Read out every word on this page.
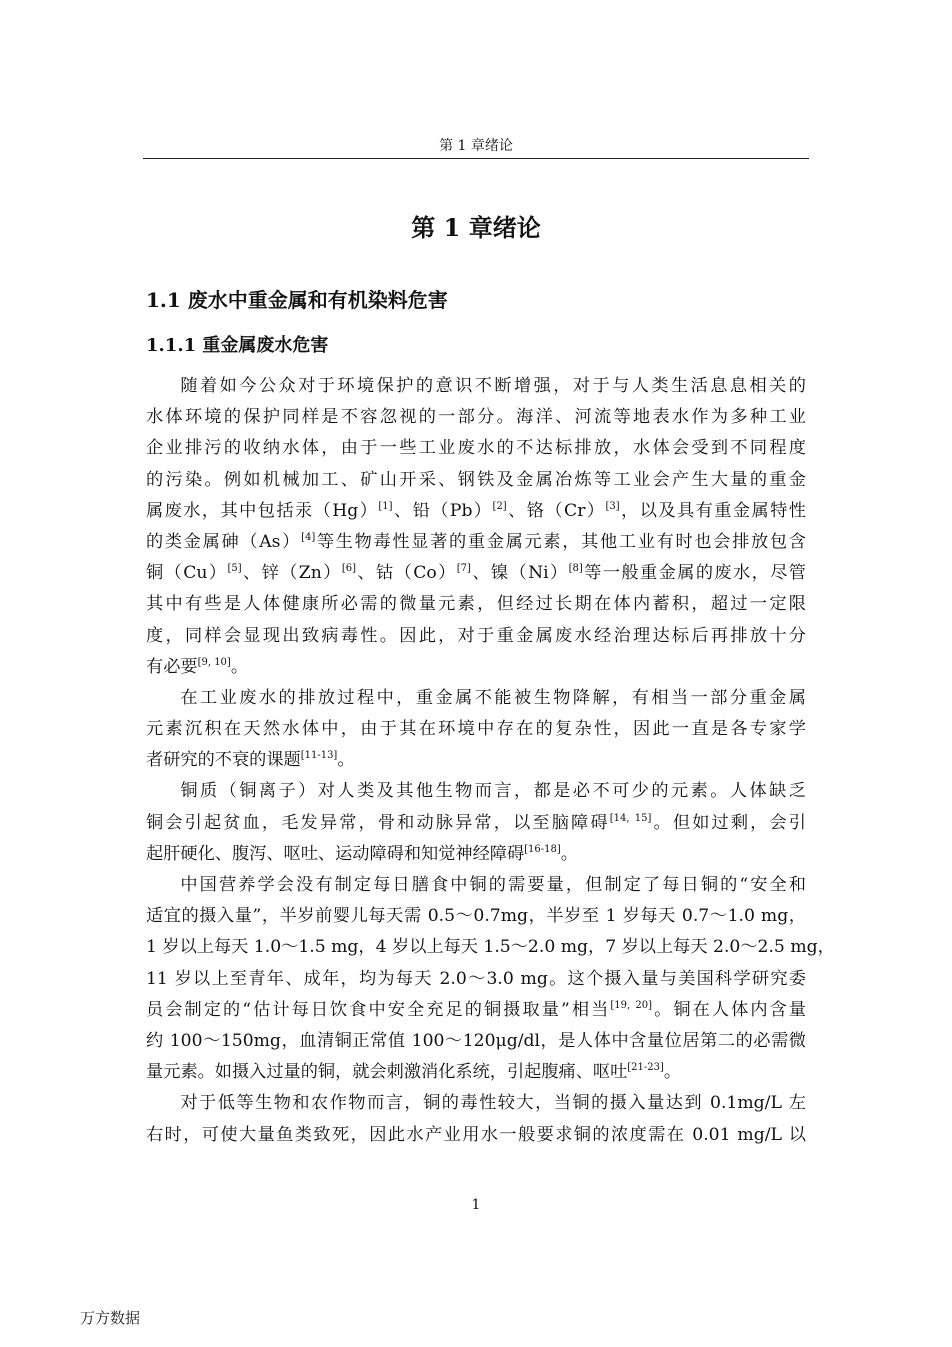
第 1 章绪论
第 1 章绪论
1.1 废水中重金属和有机染料危害
1.1.1 重金属废水危害
随着如今公众对于环境保护的意识不断增强，对于与人类生活息息相关的
水体环境的保护同样是不容忽视的一部分。海洋、河流等地表水作为多种工业
企业排污的收纳水体，由于一些工业废水的不达标排放，水体会受到不同程度
的污染。例如机械加工、矿山开采、钢铁及金属冶炼等工业会产生大量的重金
属废水，其中包括汞（Hg）[1]、铅（Pb）[2]、铬（Cr）[3]，以及具有重金属特性
的类金属砷（As）[4]等生物毒性显著的重金属元素，其他工业有时也会排放包含
铜（Cu）[5]、锌（Zn）[6]、钴（Co）[7]、镍（Ni）[8]等一般重金属的废水，尽管
其中有些是人体健康所必需的微量元素，但经过长期在体内蓄积，超过一定限
度，同样会显现出致病毒性。因此，对于重金属废水经治理达标后再排放十分
有必要[9, 10]。
在工业废水的排放过程中，重金属不能被生物降解，有相当一部分重金属
元素沉积在天然水体中，由于其在环境中存在的复杂性，因此一直是各专家学
者研究的不衰的课题[11-13]。
铜质（铜离子）对人类及其他生物而言，都是必不可少的元素。人体缺乏
铜会引起贫血，毛发异常，骨和动脉异常，以至脑障碍[14, 15]。但如过剩，会引
起肝硬化、腹泻、呕吐、运动障碍和知觉神经障碍[16-18]。
中国营养学会没有制定每日膳食中铜的需要量，但制定了每日铜的“安全和
适宜的摄入量”，半岁前婴儿每天需 0.5～0.7mg，半岁至 1 岁每天 0.7～1.0 mg，
1 岁以上每天 1.0～1.5 mg，4 岁以上每天 1.5～2.0 mg，7 岁以上每天 2.0～2.5 mg，
11 岁以上至青年、成年，均为每天 2.0～3.0 mg。这个摄入量与美国科学研究委
员会制定的“估计每日饮食中安全充足的铜摄取量”相当[19, 20]。铜在人体内含量
约 100～150mg，血清铜正常值 100～120μg/dl，是人体中含量位居第二的必需微
量元素。如摄入过量的铜，就会刺激消化系统，引起腹痛、呕吐[21-23]。
对于低等生物和农作物而言，铜的毒性较大，当铜的摄入量达到 0.1mg/L 左
右时，可使大量鱼类致死，因此水产业用水一般要求铜的浓度需在 0.01 mg/L 以
1
万方数据
